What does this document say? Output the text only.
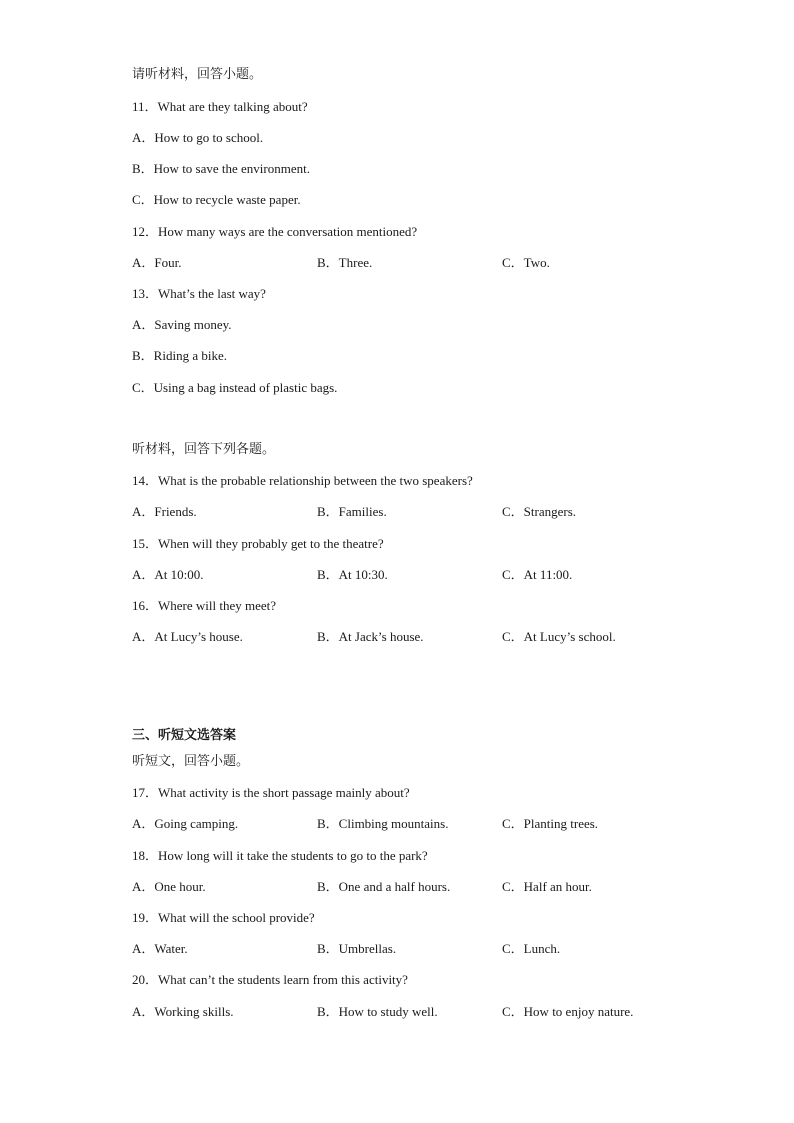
请听材料，回答小题。
11．What are they talking about?
A．How to go to school.
B．How to save the environment.
C．How to recycle waste paper.
12．How many ways are the conversation mentioned?
A．Four.	B．Three.	C．Two.
13．What’s the last way?
A．Saving money.
B．Riding a bike.
C．Using a bag instead of plastic bags.
听材料，回答下列各题。
14．What is the probable relationship between the two speakers?
A．Friends.	B．Families.	C．Strangers.
15．When will they probably get to the theatre?
A．At 10:00.	B．At 10:30.	C．At 11:00.
16．Where will they meet?
A．At Lucy’s house.	B．At Jack’s house.	C．At Lucy’s school.
三、听短文选答案
听短文，回答小题。
17．What activity is the short passage mainly about?
A．Going camping.	B．Climbing mountains.	C．Planting trees.
18．How long will it take the students to go to the park?
A．One hour.	B．One and a half hours.	C．Half an hour.
19．What will the school provide?
A．Water.	B．Umbrellas.	C．Lunch.
20．What can’t the students learn from this activity?
A．Working skills.	B．How to study well.	C．How to enjoy nature.
